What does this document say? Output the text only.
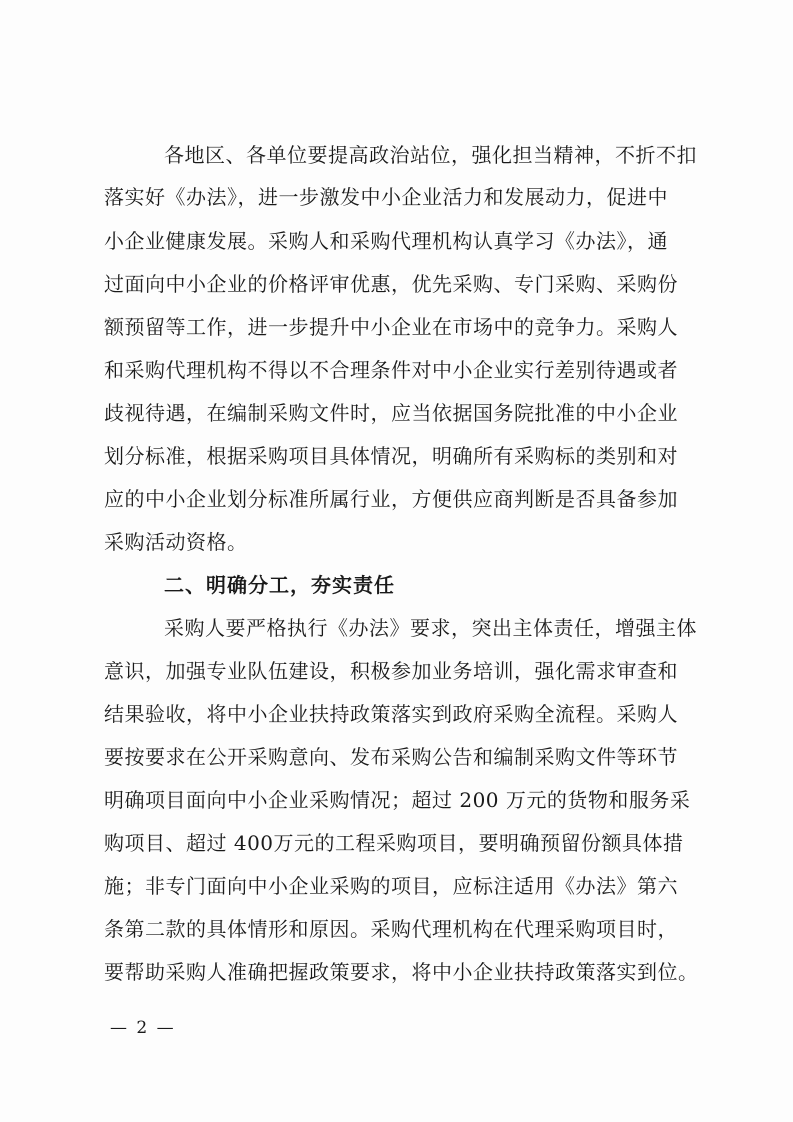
各地区、各单位要提高政治站位，强化担当精神，不折不扣
落实好《办法》，进一步激发中小企业活力和发展动力，促进中
小企业健康发展。采购人和采购代理机构认真学习《办法》，通
过面向中小企业的价格评审优惠，优先采购、专门采购、采购份
额预留等工作，进一步提升中小企业在市场中的竞争力。采购人
和采购代理机构不得以不合理条件对中小企业实行差别待遇或者
歧视待遇，在编制采购文件时，应当依据国务院批准的中小企业
划分标准，根据采购项目具体情况，明确所有采购标的类别和对
应的中小企业划分标准所属行业，方便供应商判断是否具备参加
采购活动资格。
二、明确分工，夯实责任
采购人要严格执行《办法》要求，突出主体责任，增强主体
意识，加强专业队伍建设，积极参加业务培训，强化需求审查和
结果验收，将中小企业扶持政策落实到政府采购全流程。采购人
要按要求在公开采购意向、发布采购公告和编制采购文件等环节
明确项目面向中小企业采购情况；超过 200 万元的货物和服务采
购项目、超过 400万元的工程采购项目，要明确预留份额具体措
施；非专门面向中小企业采购的项目，应标注适用《办法》第六
条第二款的具体情形和原因。采购代理机构在代理采购项目时，
要帮助采购人准确把握政策要求，将中小企业扶持政策落实到位。
— 2 —
